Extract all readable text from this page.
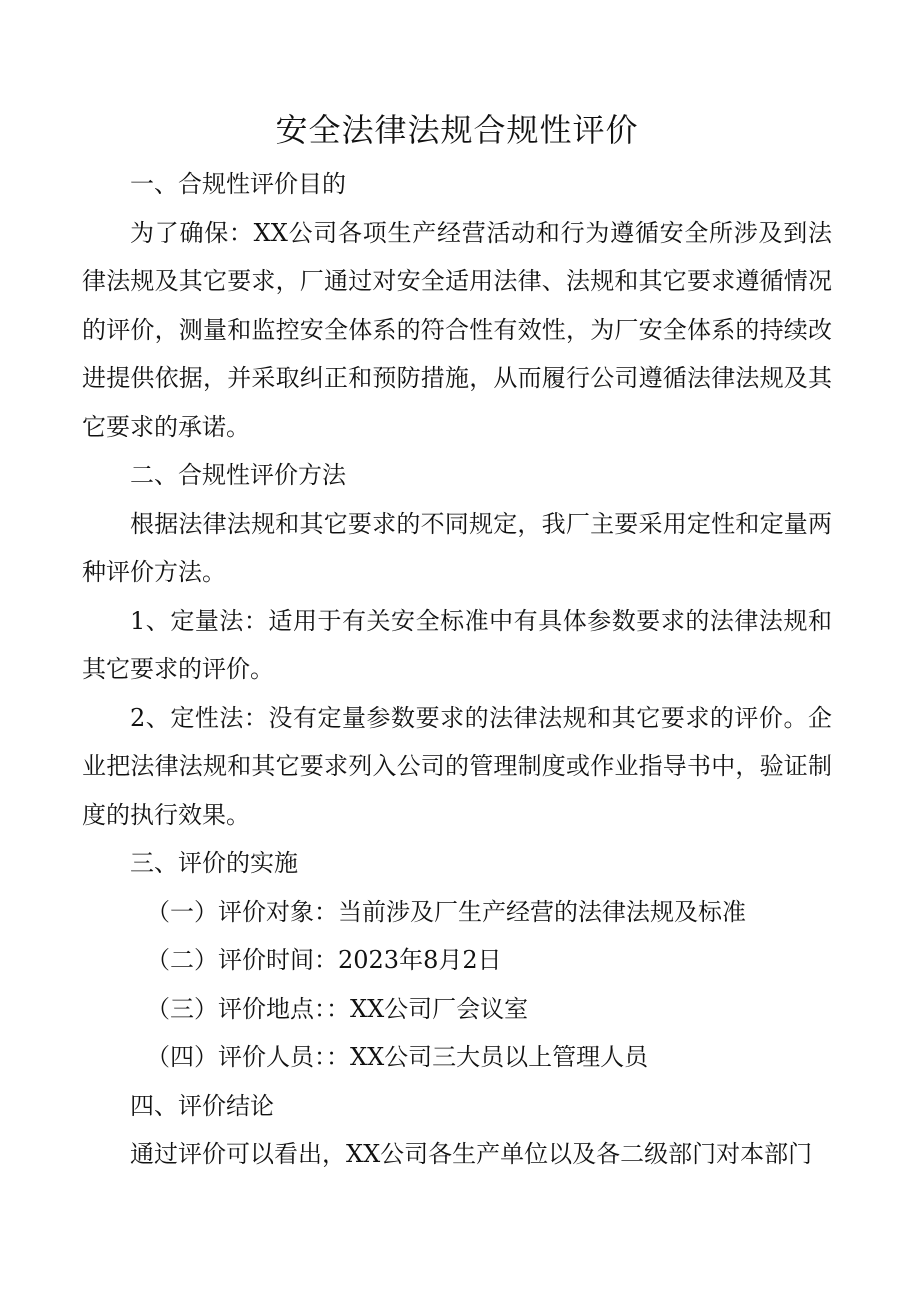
安全法律法规合规性评价

一、合规性评价目的

为了确保：XX公司各项生产经营活动和行为遵循安全所涉及到法律法规及其它要求，厂通过对安全适用法律、法规和其它要求遵循情况的评价，测量和监控安全体系的符合性有效性，为厂安全体系的持续改进提供依据，并采取纠正和预防措施，从而履行公司遵循法律法规及其它要求的承诺。

二、合规性评价方法

根据法律法规和其它要求的不同规定，我厂主要采用定性和定量两种评价方法。

1、定量法：适用于有关安全标准中有具体参数要求的法律法规和其它要求的评价。

2、定性法：没有定量参数要求的法律法规和其它要求的评价。企业把法律法规和其它要求列入公司的管理制度或作业指导书中，验证制度的执行效果。

三、评价的实施

（一）评价对象：当前涉及厂生产经营的法律法规及标准

（二）评价时间：2023年8月2日

（三）评价地点：：XX公司厂会议室

（四）评价人员：：XX公司三大员以上管理人员

四、评价结论

通过评价可以看出，XX公司各生产单位以及各二级部门对本部门
